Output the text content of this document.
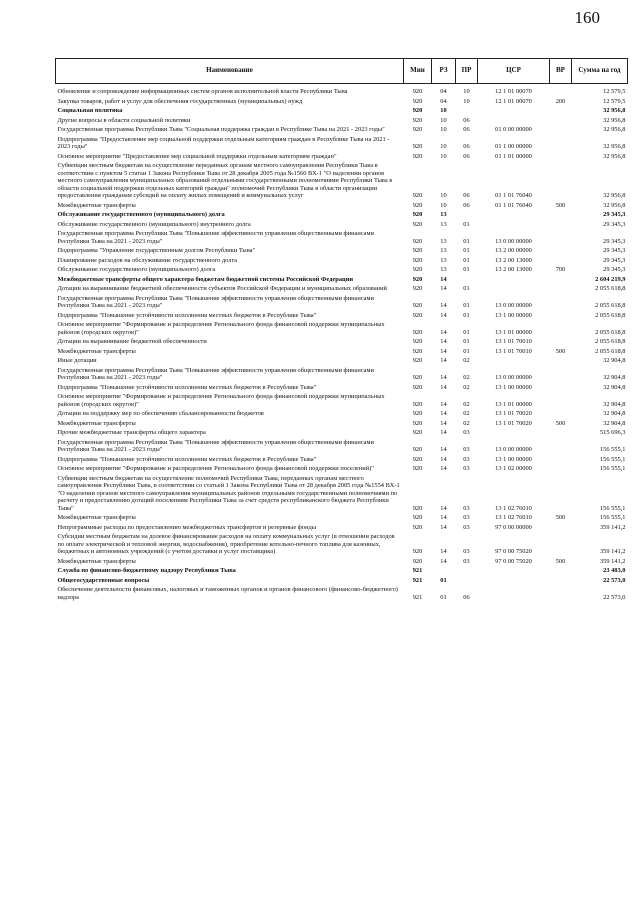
160
Наименование	Мин	РЗ	ПР	ЦСР	ВР	Сумма на год
Обновление и сопровождение информационных систем органов исполнительной власти Республики Тыва	920	04	10	12 1 01 00070		12 579,5
Закупка товаров, работ и услуг для обеспечения государственных (муниципальных) нужд	920	04	10	12 1 01 00070	200	12 579,5
Социальная политика	920	10				32 956,8
Другие вопросы в области социальной политики	920	10	06			32 956,8
Государственная программа Республики Тыва "Социальная поддержка граждан в Республике Тыва на 2021 - 2023 годы"	920	10	06	01 0 00 00000		32 956,8
Подпрограмма "Предоставление мер социальной поддержки отдельным категориям граждан в Республике Тыва на 2021 - 2023 годы"	920	10	06	01 1 00 00000		32 956,8
Основное мероприятие "Предоставление мер социальной поддержки отдельным категориям граждан"	920	10	06	01 1 01 00000		32 956,8
Субвенции местным бюджетам на осуществление переданных органам местного самоуправления Республики Тыва в соответствии с пунктом 5 статьи 1 Закона Республики Тыва от 28 декабря 2005 года №1560 ВХ-1 "О наделении органов местного самоуправления муниципальных образований отдельными государственными полномочиями Республики Тыва в области социальной поддержки отдельных категорий граждан" полномочий Республики Тыва в области организации предоставления гражданам субсидий на оплату жилых помещений и коммунальных услуг	920	10	06	01 1 01 76040		32 956,8
Межбюджетные трансферты	920	10	06	01 1 01 76040	500	32 956,8
Обслуживание государственного (муниципального) долга	920	13				29 345,3
Обслуживание государственного (муниципального) внутреннего долга	920	13	01			29 345,3
Государственная программа Республики Тыва "Повышение эффективности управления общественными финансами Республики Тыва на 2021 - 2023 годы"	920	13	01	13 0 00 00000		29 345,3
Подпрограмма "Управление государственным долгом Республики Тыва"	920	13	01	13 2 00 00000		29 345,3
Планирование расходов на обслуживание государственного долга	920	13	01	13 2 00 13000		29 345,3
Обслуживание государственного (муниципального) долга	920	13	01	13 2 00 13000	700	29 345,3
Межбюджетные трансферты общего характера бюджетам бюджетной системы Российской Федерации	920	14				2 604 219,9
Дотации на выравнивание бюджетной обеспеченности субъектов Российской Федерации и муниципальных образований	920	14	01			2 055 618,8
Государственная программа Республики Тыва "Повышение эффективности управления общественными финансами Республики Тыва на 2021 - 2023 годы"	920	14	01	13 0 00 00000		2 055 618,8
Подпрограмма "Повышение устойчивости исполнения местных бюджетов в Республике Тыва"	920	14	01	13 1 00 00000		2 055 618,8
Основное мероприятие "Формирование и распределение Регионального фонда финансовой поддержки муниципальных районов (городских округов)"	920	14	01	13 1 01 00000		2 055 618,8
Дотации на выравнивание бюджетной обеспеченности	920	14	01	13 1 01 70010		2 055 618,8
Межбюджетные трансферты	920	14	01	13 1 01 70010	500	2 055 618,8
Иные дотации	920	14	02			32 904,8
Государственная программа Республики Тыва "Повышение эффективности управления общественными финансами Республики Тыва на 2021 - 2023 годы"	920	14	02	13 0 00 00000		32 904,8
Подпрограмма "Повышение устойчивости исполнения местных бюджетов в Республике Тыва"	920	14	02	13 1 00 00000		32 904,8
Основное мероприятие "Формирование и распределение Регионального фонда финансовой поддержки муниципальных районов (городских округов)"	920	14	02	13 1 01 00000		32 904,8
Дотации на поддержку мер по обеспечению сбалансированности бюджетов	920	14	02	13 1 01 70020		32 904,8
Межбюджетные трансферты	920	14	02	13 1 01 70020	500	32 904,8
Прочие межбюджетные трансферты общего характера	920	14	03			515 696,3
Государственная программа Республики Тыва "Повышение эффективности управления общественными финансами Республики Тыва на 2021 - 2023 годы"	920	14	03	13 0 00 00000		156 555,1
Подпрограмма "Повышение устойчивости исполнения местных бюджетов в Республике Тыва"	920	14	03	13 1 00 00000		156 555,1
Основное мероприятие "Формирование и распределение Регионального фонда финансовой поддержки поселений)"	920	14	03	13 1 02 00000		156 555,1
Субвенции местным бюджетам на осуществление полномочий Республики Тыва, переданных органам местного самоуправления Республики Тыва, в соответствии со статьей 1 Закона Республики Тыва от 28 декабря 2005 года №1554 ВХ-1 "О наделении органов местного самоуправления муниципальных районов отдельными государственными полномочиями по расчету и предоставлению дотаций поселениям Республики Тыва за счет средств республиканского бюджета Республики Тыва"	920	14	03	13 1 02 76010		156 555,1
Межбюджетные трансферты	920	14	03	13 1 02 76010	500	156 555,1
Непрограммные расходы по предоставлению межбюджетных трансфертов и резервные фонды	920	14	03	97 0 00 00000		359 141,2
Субсидии местным бюджетам на долевое финансирование расходов на оплату коммунальных услуг (в отношении расходов по оплате электрической и тепловой энергии, водоснабжения), приобретение котельно-печного топлива для казенных, бюджетных и автономных учреждений (с учетом доставки и услуг поставщика)	920	14	03	97 0 00 75020		359 141,2
Межбюджетные трансферты	920	14	03	97 0 00 75020	500	359 141,2
Служба по финансово-бюджетному надзору Республики Тыва	921					23 483,0
Общегосударственные вопросы	921	01				22 573,0
Обеспечение деятельности финансовых, налоговых и таможенных органов и органов финансового (финансово-бюджетного) надзора	921	01	06			22 573,0
